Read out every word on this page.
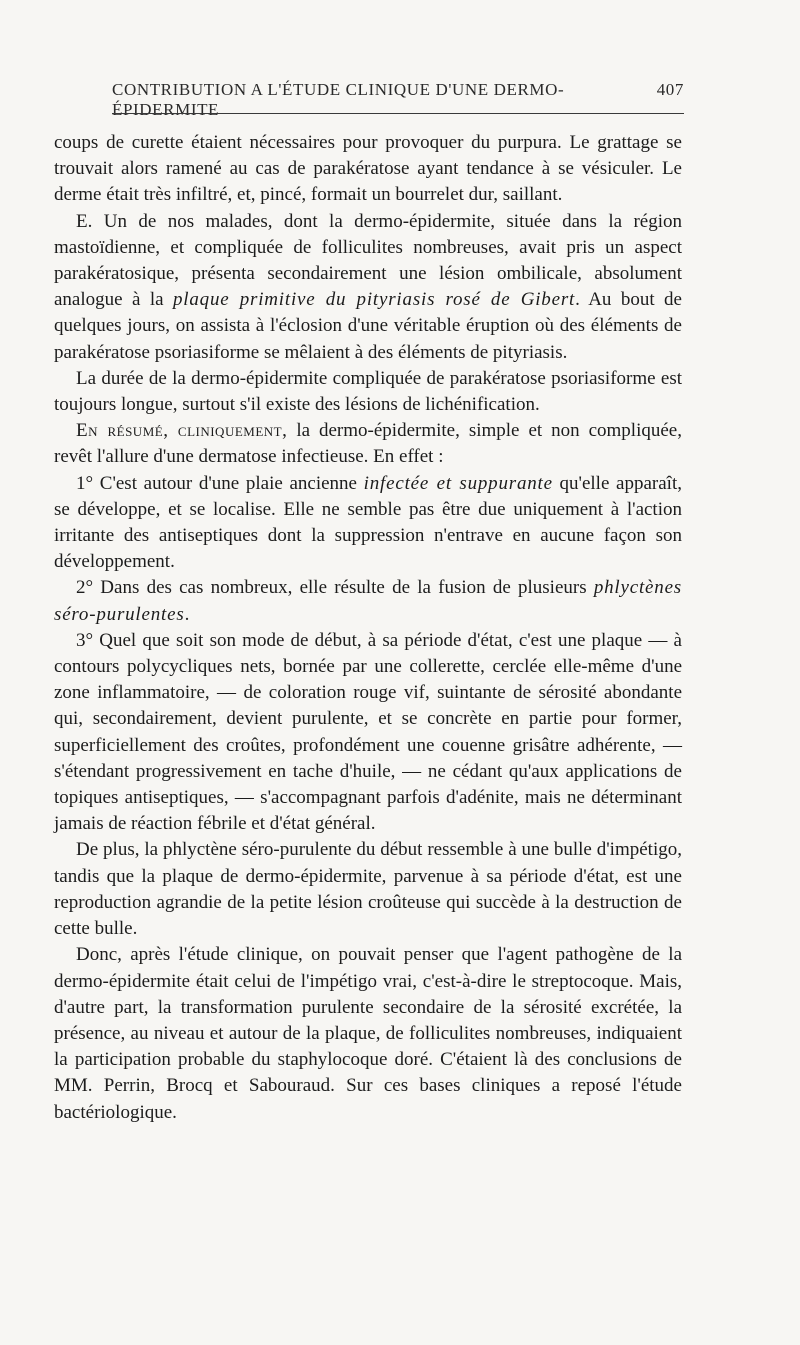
CONTRIBUTION A L'ÉTUDE CLINIQUE D'UNE DERMO-ÉPIDERMITE
407

coups de curette étaient nécessaires pour provoquer du purpura. Le grattage se trouvait alors ramené au cas de parakératose ayant tendance à se vésiculer. Le derme était très infiltré, et, pincé, formait un bourrelet dur, saillant.

E. Un de nos malades, dont la dermo-épidermite, située dans la région mastoïdienne, et compliquée de folliculites nombreuses, avait pris un aspect parakératosique, présenta secondairement une lésion ombilicale, absolument analogue à la plaque primitive du pityriasis rosé de Gibert. Au bout de quelques jours, on assista à l'éclosion d'une véritable éruption où des éléments de parakératose psoriasiforme se mêlaient à des éléments de pityriasis.

La durée de la dermo-épidermite compliquée de parakératose psoriasiforme est toujours longue, surtout s'il existe des lésions de lichénification.

En résumé, cliniquement, la dermo-épidermite, simple et non compliquée, revêt l'allure d'une dermatose infectieuse. En effet :

1° C'est autour d'une plaie ancienne infectée et suppurante qu'elle apparaît, se développe, et se localise. Elle ne semble pas être due uniquement à l'action irritante des antiseptiques dont la suppression n'entrave en aucune façon son développement.

2° Dans des cas nombreux, elle résulte de la fusion de plusieurs phlyctènes séro-purulentes.

3° Quel que soit son mode de début, à sa période d'état, c'est une plaque — à contours polycycliques nets, bornée par une collerette, cerclée elle-même d'une zone inflammatoire, — de coloration rouge vif, suintante de sérosité abondante qui, secondairement, devient purulente, et se concrète en partie pour former, superficiellement des croûtes, profondément une couenne grisâtre adhérente, — s'étendant progressivement en tache d'huile, — ne cédant qu'aux applications de topiques antiseptiques, — s'accompagnant parfois d'adénite, mais ne déterminant jamais de réaction fébrile et d'état général.

De plus, la phlyctène séro-purulente du début ressemble à une bulle d'impétigo, tandis que la plaque de dermo-épidermite, parvenue à sa période d'état, est une reproduction agrandie de la petite lésion croûteuse qui succède à la destruction de cette bulle.

Donc, après l'étude clinique, on pouvait penser que l'agent pathogène de la dermo-épidermite était celui de l'impétigo vrai, c'est-à-dire le streptocoque. Mais, d'autre part, la transformation purulente secondaire de la sérosité excrétée, la présence, au niveau et autour de la plaque, de folliculites nombreuses, indiquaient la participation probable du staphylocoque doré. C'étaient là des conclusions de MM. Perrin, Brocq et Sabouraud. Sur ces bases cliniques a reposé l'étude bactériologique.
